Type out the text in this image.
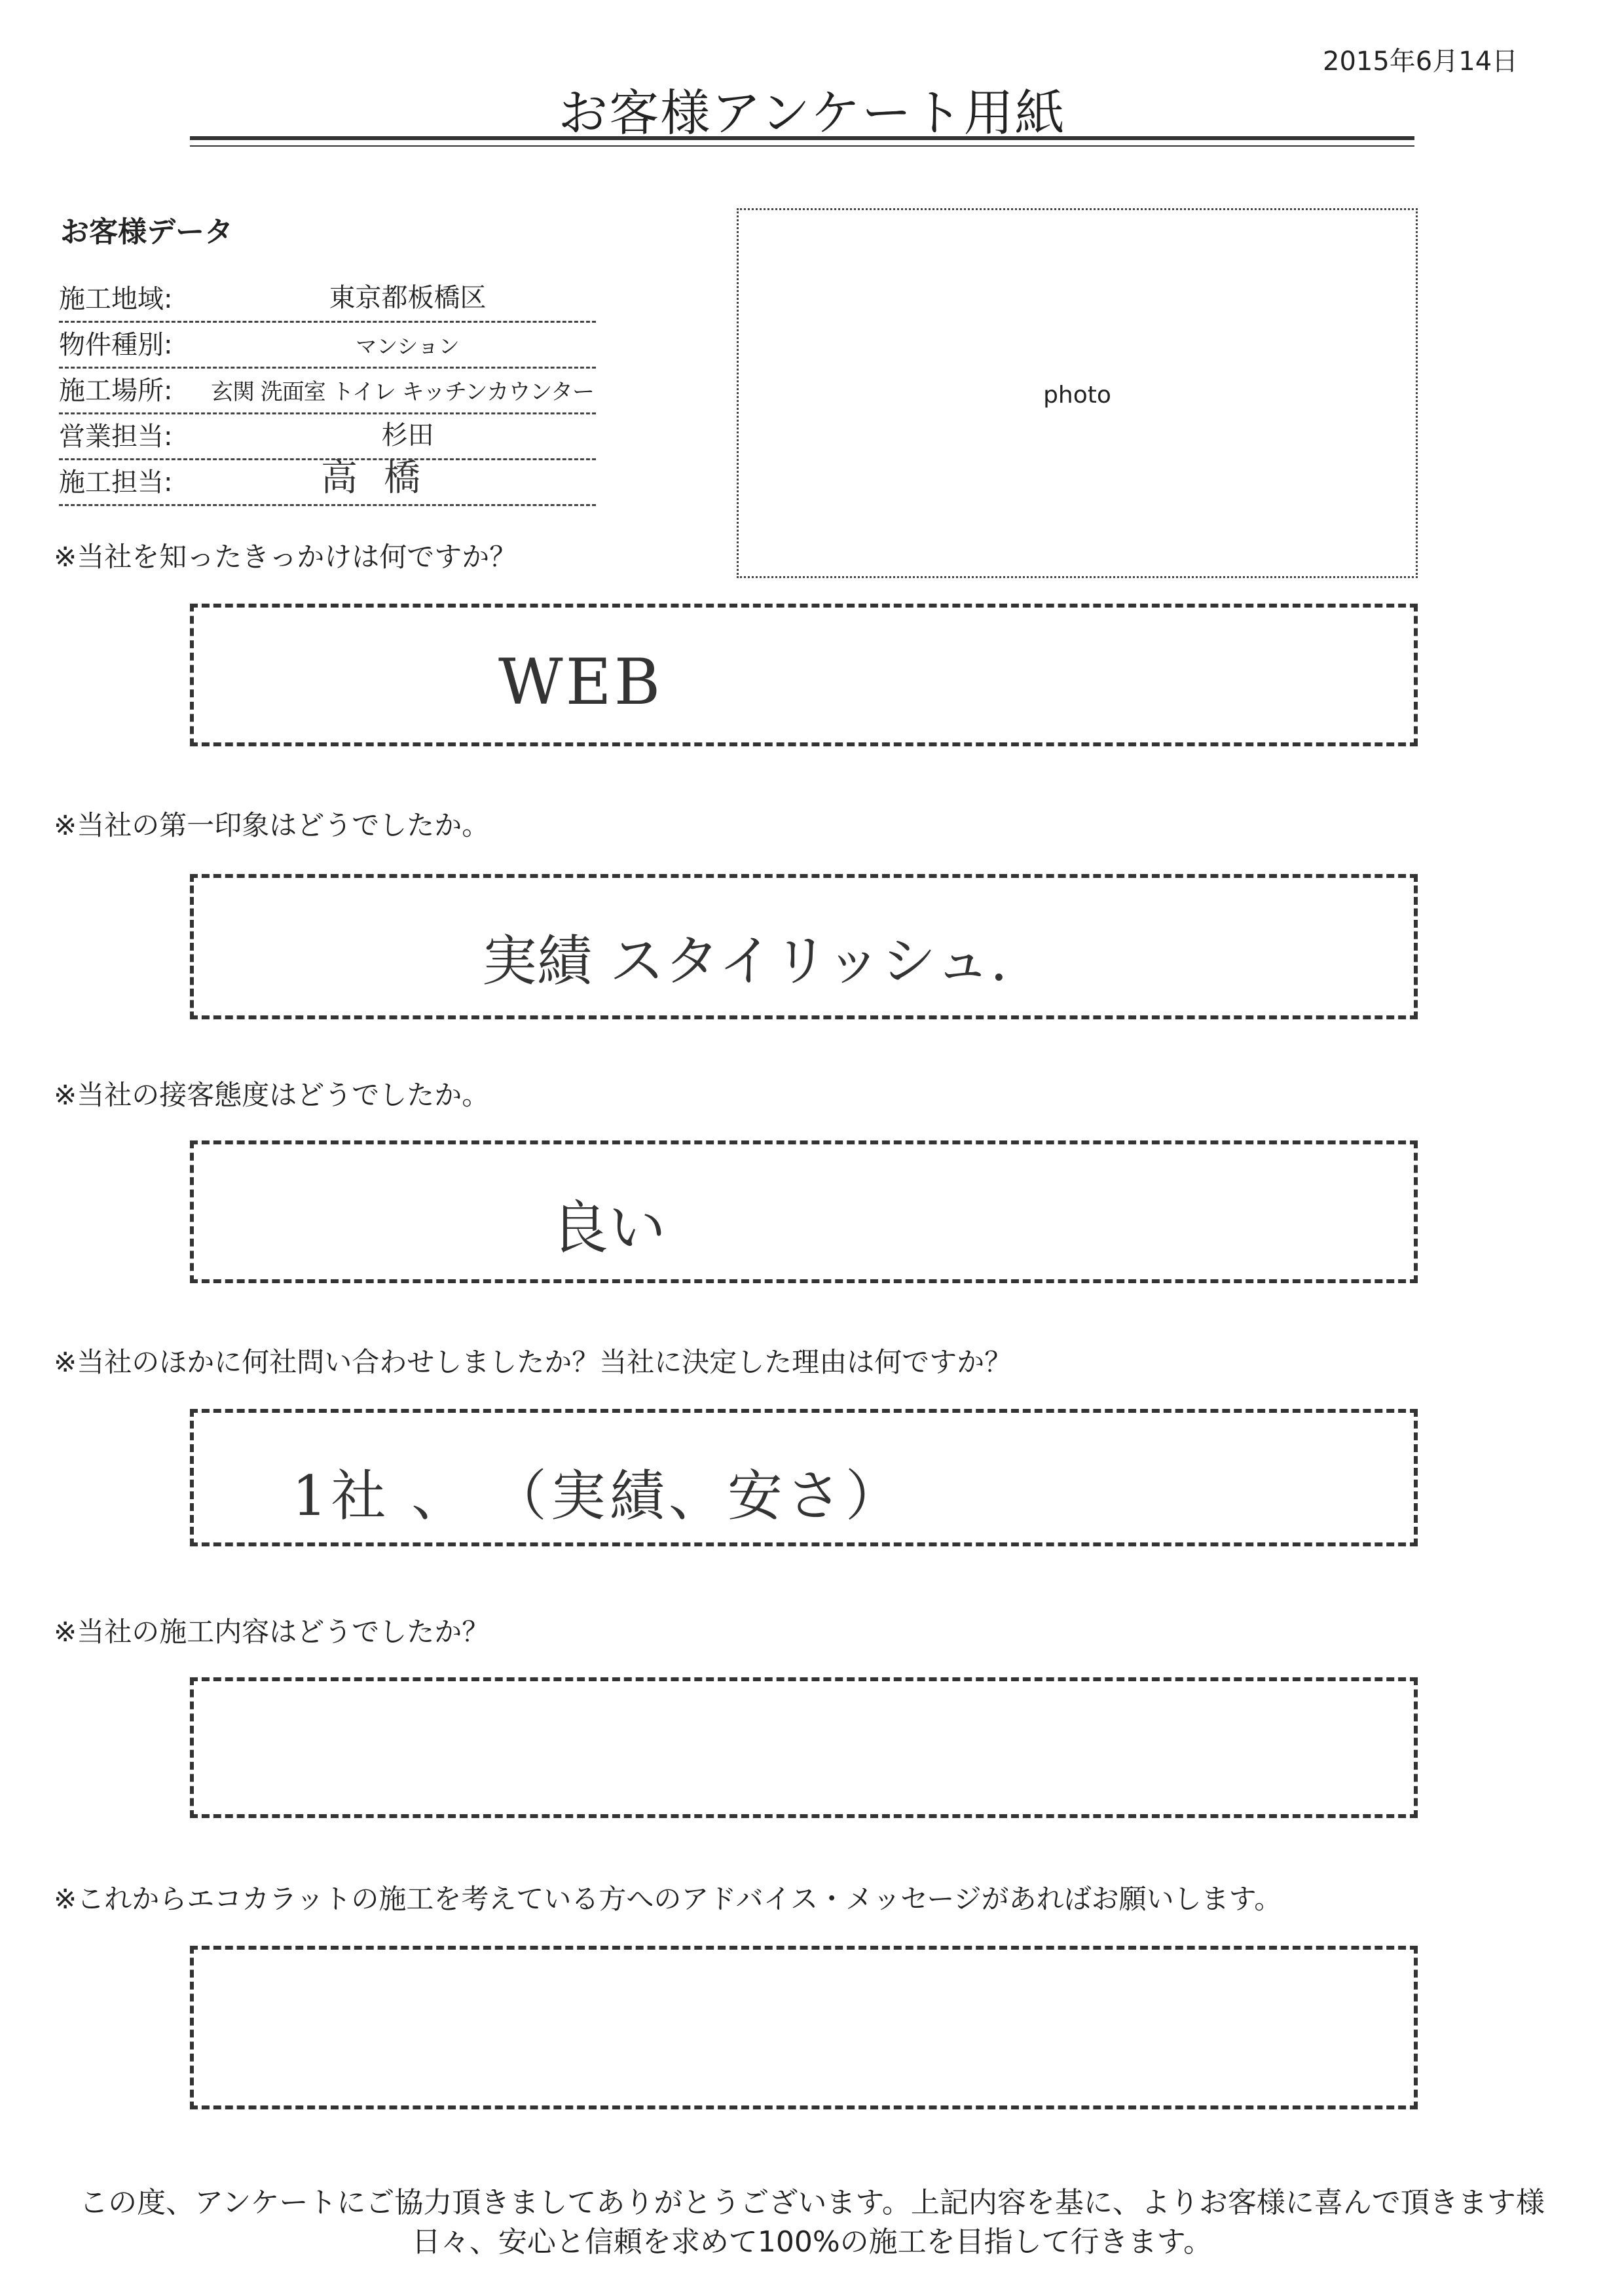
2015年6月14日
お客様アンケート用紙
お客様データ
施工地域:	東京都板橋区
物件種別:	マンション
施工場所: 玄関 洗面室 トイレ キッチンカウンター
営業担当:	杉田
施工担当:	高橋
photo
※当社を知ったきっかけは何ですか？
WEB
※当社の第一印象はどうでしたか。
実績 スタイリッシュ.
※当社の接客態度はどうでしたか。
良い
※当社のほかに何社問い合わせしましたか？当社に決定した理由は何ですか？
1社 、 （実績、安さ）
※当社の施工内容はどうでしたか？
※これからエコカラットの施工を考えている方へのアドバイス・メッセージがあればお願いします。
この度、アンケートにご協力頂きましてありがとうございます。上記内容を基に、よりお客様に喜んで頂きます様
日々、安心と信頼を求めて100%の施工を目指して行きます。
